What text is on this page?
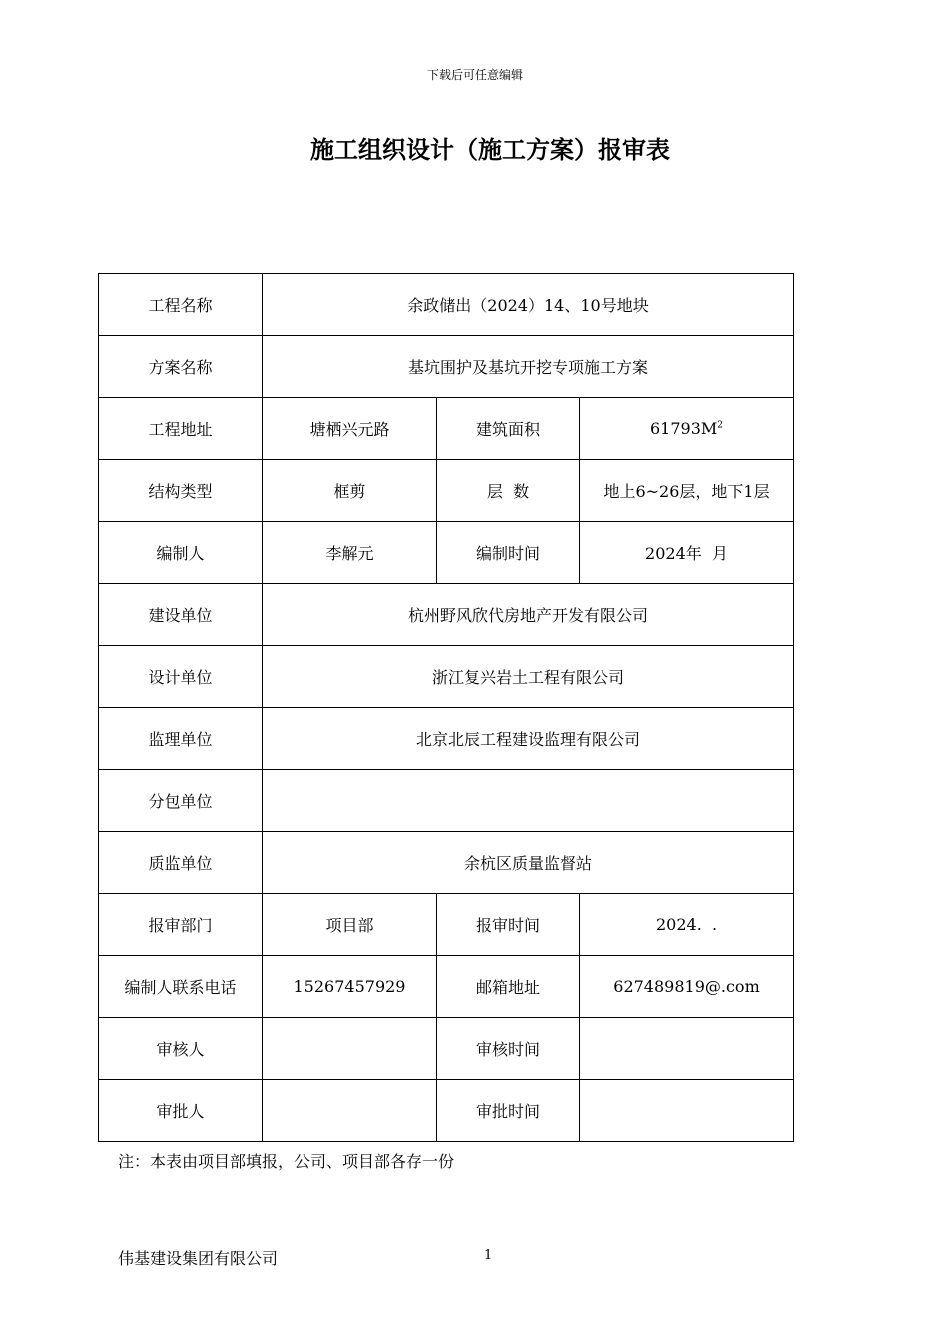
下载后可任意编辑
施工组织设计（施工方案）报审表
工程名称	余政储出（2024）14、10号地块		
方案名称	基坑围护及基坑开挖专项施工方案		
工程地址	塘栖兴元路	建筑面积	$61793M^2$
结构类型	框剪	层  数	地上6~26层，地下1层
编制人	李解元	编制时间	2024年  月
建设单位	杭州野风欣代房地产开发有限公司		
设计单位	浙江复兴岩土工程有限公司		
监理单位	北京北辰工程建设监理有限公司		
分包单位			
质监单位	余杭区质量监督站		
报审部门	项目部	报审时间	2024.  .
编制人联系电话	15267457929	邮箱地址	627489819@.com
审核人		审核时间	
审批人		审批时间	
注：本表由项目部填报，公司、项目部各存一份
伟基建设集团有限公司	1
